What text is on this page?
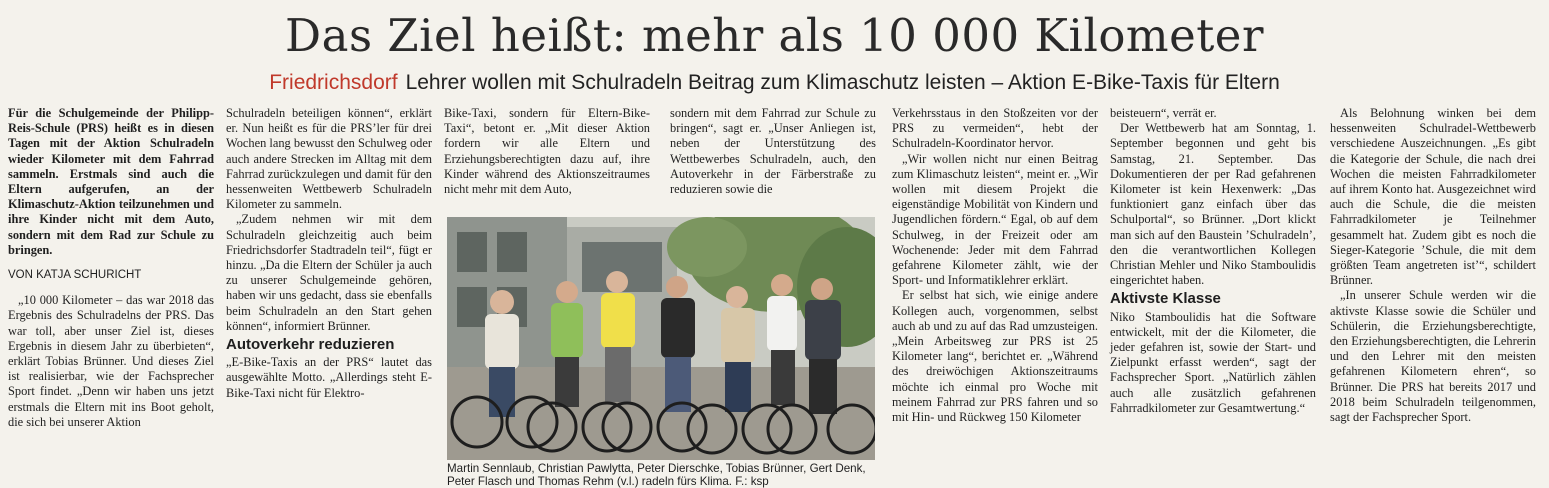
Das Ziel heißt: mehr als 10 000 Kilometer
Friedrichsdorf Lehrer wollen mit Schulradeln Beitrag zum Klimaschutz leisten – Aktion E-Bike-Taxis für Eltern

Für die Schulgemeinde der Philipp-Reis-Schule (PRS) heißt es in diesen Tagen mit der Aktion Schulradeln wieder Kilometer mit dem Fahrrad sammeln. Erstmals sind auch die Eltern aufgerufen, an der Klimaschutz-Aktion teilzunehmen und ihre Kinder nicht mit dem Auto, sondern mit dem Rad zur Schule zu bringen.

VON KATJA SCHURICHT

„10 000 Kilometer – das war 2018 das Ergebnis des Schulradelns der PRS. Das war toll, aber unser Ziel ist, dieses Ergebnis in diesem Jahr zu überbieten“, erklärt Tobias Brünner. Und dieses Ziel ist realisierbar, wie der Fachsprecher Sport findet. „Denn wir haben uns jetzt erstmals die Eltern mit ins Boot geholt, die sich bei unserer Aktion

Schulradeln beteiligen können“, erklärt er. Nun heißt es für die PRS’ler für drei Wochen lang bewusst den Schulweg oder auch andere Strecken im Alltag mit dem Fahrrad zurückzulegen und damit für den hessenweiten Wettbewerb Schulradeln Kilometer zu sammeln.

„Zudem nehmen wir mit dem Schulradeln gleichzeitig auch beim Friedrichsdorfer Stadtradeln teil“, fügt er hinzu. „Da die Eltern der Schüler ja auch zu unserer Schulgemeinde gehören, haben wir uns gedacht, dass sie ebenfalls beim Schulradeln an den Start gehen können“, informiert Brünner.

Autoverkehr reduzieren

„E-Bike-Taxis an der PRS“ lautet das ausgewählte Motto. „Allerdings steht E-Bike-Taxi nicht für Elektro-

Bike-Taxi, sondern für Eltern-Bike-Taxi“, betont er. „Mit dieser Aktion fordern wir alle Eltern und Erziehungsberechtigten dazu auf, ihre Kinder während des Aktionszeitraumes nicht mehr mit dem Auto,

sondern mit dem Fahrrad zur Schule zu bringen“, sagt er. „Unser Anliegen ist, neben der Unterstützung des Wettbewerbes Schulradeln, auch, den Autoverkehr in der Färberstraße zu reduzieren sowie die

Verkehrsstaus in den Stoßzeiten vor der PRS zu vermeiden“, hebt der Schulradeln-Koordinator hervor.

„Wir wollen nicht nur einen Beitrag zum Klimaschutz leisten“, meint er. „Wir wollen mit diesem Projekt die eigenständige Mobilität von Kindern und Jugendlichen fördern.“ Egal, ob auf dem Schulweg, in der Freizeit oder am Wochenende: Jeder mit dem Fahrrad gefahrene Kilometer zählt, wie der Sport- und Informatiklehrer erklärt.

Er selbst hat sich, wie einige andere Kollegen auch, vorgenommen, selbst auch ab und zu auf das Rad umzusteigen. „Mein Arbeitsweg zur PRS ist 25 Kilometer lang“, berichtet er. „Während des dreiwöchigen Aktionszeitraums möchte ich einmal pro Woche mit meinem Fahrrad zur PRS fahren und so mit Hin- und Rückweg 150 Kilometer

beisteuern“, verrät er.

Der Wettbewerb hat am Sonntag, 1. September begonnen und geht bis Samstag, 21. September. Das Dokumentieren der per Rad gefahrenen Kilometer ist kein Hexenwerk: „Das funktioniert ganz einfach über das Schulportal“, so Brünner. „Dort klickt man sich auf den Baustein ’Schulradeln’, den die verantwortlichen Kollegen Christian Mehler und Niko Stamboulidis eingerichtet haben.

Aktivste Klasse

Niko Stamboulidis hat die Software entwickelt, mit der die Kilometer, die jeder gefahren ist, sowie der Start- und Zielpunkt erfasst werden“, sagt der Fachsprecher Sport. „Natürlich zählen auch alle zusätzlich gefahrenen Fahrradkilometer zur Gesamtwertung.“

Als Belohnung winken bei dem hessenweiten Schulradel-Wettbewerb verschiedene Auszeichnungen. „Es gibt die Kategorie der Schule, die nach drei Wochen die meisten Fahrradkilometer auf ihrem Konto hat. Ausgezeichnet wird auch die Schule, die die meisten Fahrradkilometer je Teilnehmer gesammelt hat. Zudem gibt es noch die Sieger-Kategorie ’Schule, die mit dem größten Team angetreten ist’“, schildert Brünner.

„In unserer Schule werden wir die aktivste Klasse sowie die Schüler und Schülerin, die Erziehungsberechtigte, den Erziehungsberechtigten, die Lehrerin und den Lehrer mit den meisten gefahrenen Kilometern ehren“, so Brünner. Die PRS hat bereits 2017 und 2018 beim Schulradeln teilgenommen, sagt der Fachsprecher Sport.

Martin Sennlaub, Christian Pawlytta, Peter Dierschke, Tobias Brünner, Gert Denk, Peter Flasch und Thomas Rehm (v.l.) radeln fürs Klima. F.: ksp
